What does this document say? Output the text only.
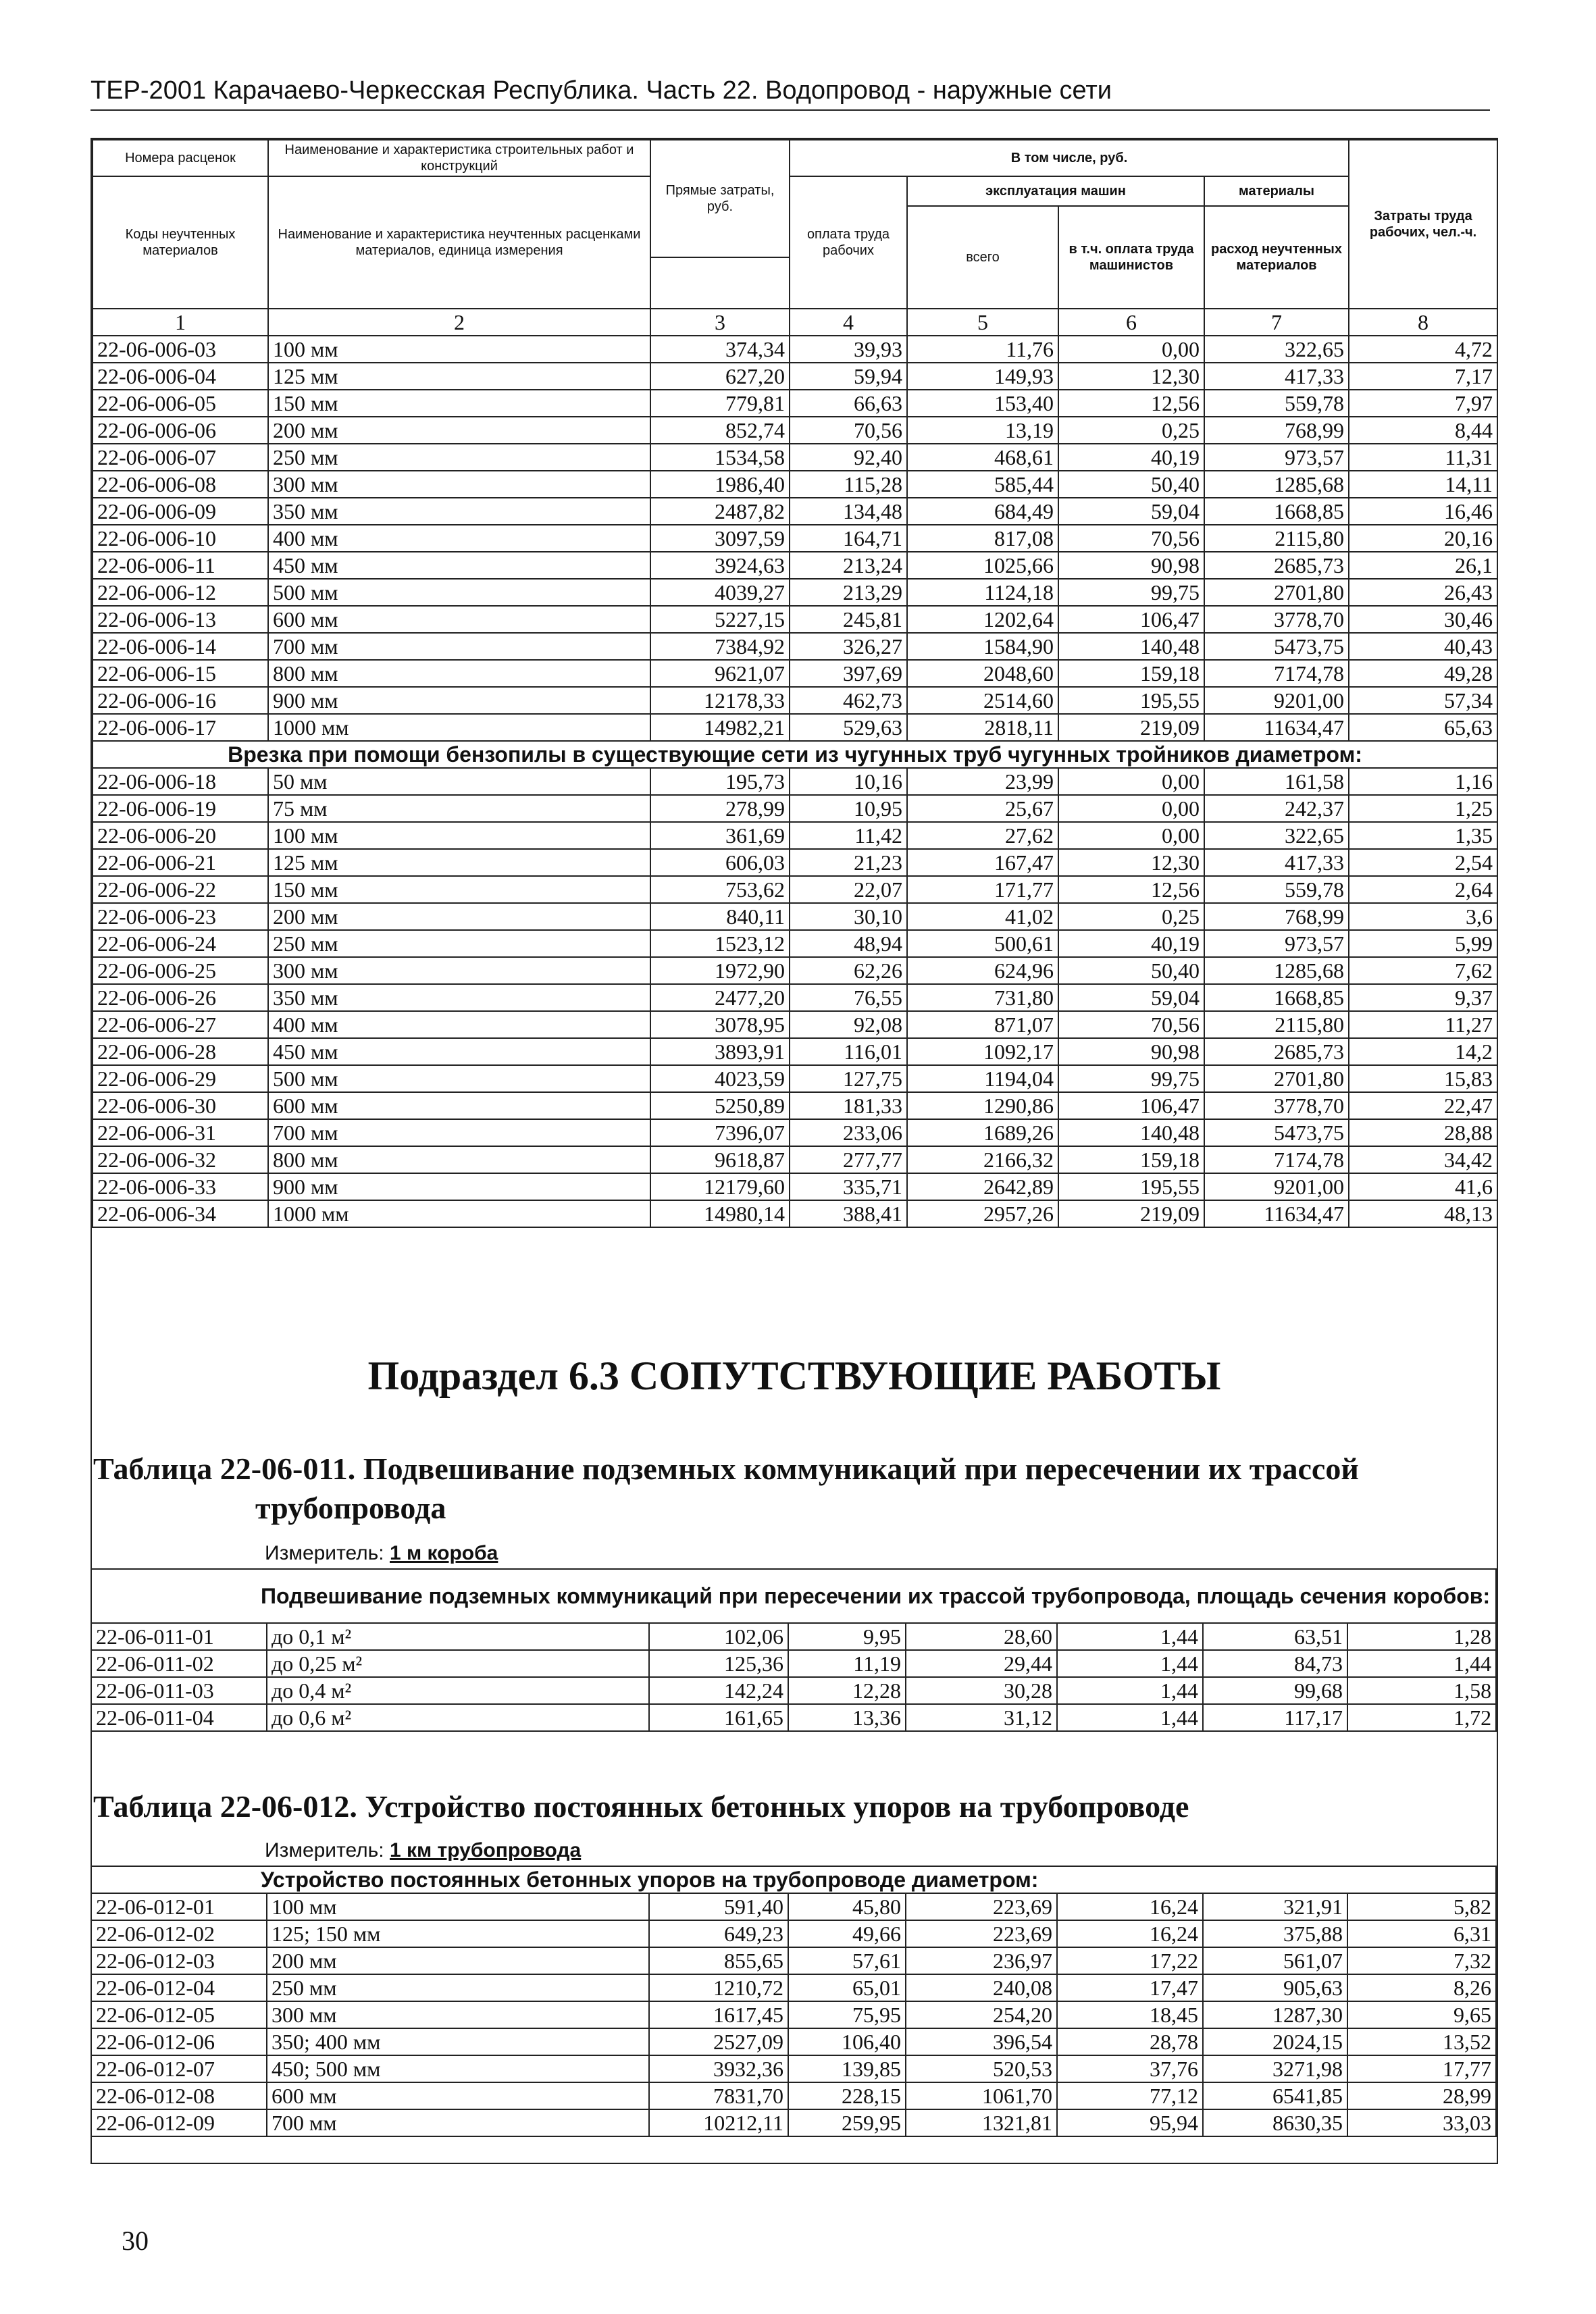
ТЕР-2001 Карачаево-Черкесская Республика. Часть 22. Водопровод - наружные сети
Номера расценок	Наименование и характеристика строительных работ и конструкций	Прямые затраты, руб.	В том числе, руб.				Затраты труда рабочих, чел.-ч.
Коды неучтенных материалов	Наименование и характеристика неучтенных расценками материалов, единица измерения		оплата труда рабочих	эксплуатация машин		материалы	
				всего	в т.ч. оплата труда машинистов	расход неучтенных материалов	

1	2	3	4	5	6	7	8
22-06-006-03	100 мм	374,34	39,93	11,76	0,00	322,65	4,72
22-06-006-04	125 мм	627,20	59,94	149,93	12,30	417,33	7,17
22-06-006-05	150 мм	779,81	66,63	153,40	12,56	559,78	7,97
22-06-006-06	200 мм	852,74	70,56	13,19	0,25	768,99	8,44
22-06-006-07	250 мм	1534,58	92,40	468,61	40,19	973,57	11,31
22-06-006-08	300 мм	1986,40	115,28	585,44	50,40	1285,68	14,11
22-06-006-09	350 мм	2487,82	134,48	684,49	59,04	1668,85	16,46
22-06-006-10	400 мм	3097,59	164,71	817,08	70,56	2115,80	20,16
22-06-006-11	450 мм	3924,63	213,24	1025,66	90,98	2685,73	26,1
22-06-006-12	500 мм	4039,27	213,29	1124,18	99,75	2701,80	26,43
22-06-006-13	600 мм	5227,15	245,81	1202,64	106,47	3778,70	30,46
22-06-006-14	700 мм	7384,92	326,27	1584,90	140,48	5473,75	40,43
22-06-006-15	800 мм	9621,07	397,69	2048,60	159,18	7174,78	49,28
22-06-006-16	900 мм	12178,33	462,73	2514,60	195,55	9201,00	57,34
22-06-006-17	1000 мм	14982,21	529,63	2818,11	219,09	11634,47	65,63
Врезка при помощи бензопилы в существующие сети из чугунных труб чугунных тройников диаметром:							
22-06-006-18	50 мм	195,73	10,16	23,99	0,00	161,58	1,16
22-06-006-19	75 мм	278,99	10,95	25,67	0,00	242,37	1,25
22-06-006-20	100 мм	361,69	11,42	27,62	0,00	322,65	1,35
22-06-006-21	125 мм	606,03	21,23	167,47	12,30	417,33	2,54
22-06-006-22	150 мм	753,62	22,07	171,77	12,56	559,78	2,64
22-06-006-23	200 мм	840,11	30,10	41,02	0,25	768,99	3,6
22-06-006-24	250 мм	1523,12	48,94	500,61	40,19	973,57	5,99
22-06-006-25	300 мм	1972,90	62,26	624,96	50,40	1285,68	7,62
22-06-006-26	350 мм	2477,20	76,55	731,80	59,04	1668,85	9,37
22-06-006-27	400 мм	3078,95	92,08	871,07	70,56	2115,80	11,27
22-06-006-28	450 мм	3893,91	116,01	1092,17	90,98	2685,73	14,2
22-06-006-29	500 мм	4023,59	127,75	1194,04	99,75	2701,80	15,83
22-06-006-30	600 мм	5250,89	181,33	1290,86	106,47	3778,70	22,47
22-06-006-31	700 мм	7396,07	233,06	1689,26	140,48	5473,75	28,88
22-06-006-32	800 мм	9618,87	277,77	2166,32	159,18	7174,78	34,42
22-06-006-33	900 мм	12179,60	335,71	2642,89	195,55	9201,00	41,6
22-06-006-34	1000 мм	14980,14	388,41	2957,26	219,09	11634,47	48,13
Подраздел 6.3 СОПУТСТВУЮЩИЕ РАБОТЫ
Таблица 22-06-011. Подвешивание подземных коммуникаций при пересечении их трассой
трубопровода
Измеритель: 1 м короба
Подвешивание подземных коммуникаций при пересечении их трассой трубопровода, площадь сечения коробов:							
22-06-011-01	до 0,1 м²	102,06	9,95	28,60	1,44	63,51	1,28
22-06-011-02	до 0,25 м²	125,36	11,19	29,44	1,44	84,73	1,44
22-06-011-03	до 0,4 м²	142,24	12,28	30,28	1,44	99,68	1,58
22-06-011-04	до 0,6 м²	161,65	13,36	31,12	1,44	117,17	1,72
Таблица 22-06-012. Устройство постоянных бетонных упоров на трубопроводе
Измеритель: 1 км трубопровода
Устройство постоянных бетонных упоров на трубопроводе диаметром:							
22-06-012-01	100 мм	591,40	45,80	223,69	16,24	321,91	5,82
22-06-012-02	125; 150 мм	649,23	49,66	223,69	16,24	375,88	6,31
22-06-012-03	200 мм	855,65	57,61	236,97	17,22	561,07	7,32
22-06-012-04	250 мм	1210,72	65,01	240,08	17,47	905,63	8,26
22-06-012-05	300 мм	1617,45	75,95	254,20	18,45	1287,30	9,65
22-06-012-06	350; 400 мм	2527,09	106,40	396,54	28,78	2024,15	13,52
22-06-012-07	450; 500 мм	3932,36	139,85	520,53	37,76	3271,98	17,77
22-06-012-08	600 мм	7831,70	228,15	1061,70	77,12	6541,85	28,99
22-06-012-09	700 мм	10212,11	259,95	1321,81	95,94	8630,35	33,03
30
